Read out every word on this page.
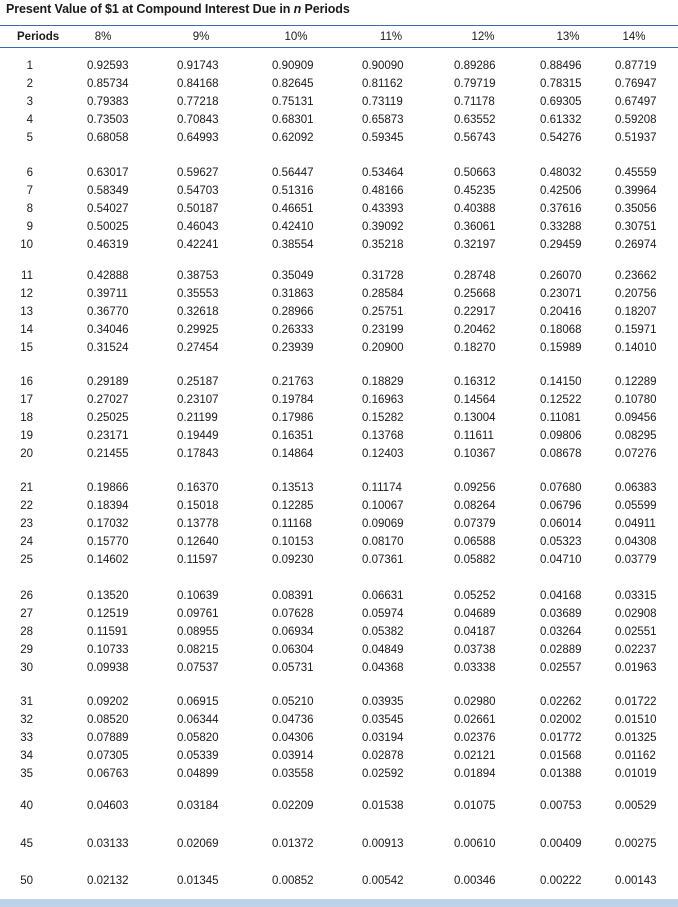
Present Value of $1 at Compound Interest Due in n Periods
Periods	8%	9%	10%	11%	12%	13%	14%
1	0.92593	0.91743	0.90909	0.90090	0.89286	0.88496	0.87719
2	0.85734	0.84168	0.82645	0.81162	0.79719	0.78315	0.76947
3	0.79383	0.77218	0.75131	0.73119	0.71178	0.69305	0.67497
4	0.73503	0.70843	0.68301	0.65873	0.63552	0.61332	0.59208
5	0.68058	0.64993	0.62092	0.59345	0.56743	0.54276	0.51937
6	0.63017	0.59627	0.56447	0.53464	0.50663	0.48032	0.45559
7	0.58349	0.54703	0.51316	0.48166	0.45235	0.42506	0.39964
8	0.54027	0.50187	0.46651	0.43393	0.40388	0.37616	0.35056
9	0.50025	0.46043	0.42410	0.39092	0.36061	0.33288	0.30751
10	0.46319	0.42241	0.38554	0.35218	0.32197	0.29459	0.26974
11	0.42888	0.38753	0.35049	0.31728	0.28748	0.26070	0.23662
12	0.39711	0.35553	0.31863	0.28584	0.25668	0.23071	0.20756
13	0.36770	0.32618	0.28966	0.25751	0.22917	0.20416	0.18207
14	0.34046	0.29925	0.26333	0.23199	0.20462	0.18068	0.15971
15	0.31524	0.27454	0.23939	0.20900	0.18270	0.15989	0.14010
16	0.29189	0.25187	0.21763	0.18829	0.16312	0.14150	0.12289
17	0.27027	0.23107	0.19784	0.16963	0.14564	0.12522	0.10780
18	0.25025	0.21199	0.17986	0.15282	0.13004	0.11081	0.09456
19	0.23171	0.19449	0.16351	0.13768	0.11611	0.09806	0.08295
20	0.21455	0.17843	0.14864	0.12403	0.10367	0.08678	0.07276
21	0.19866	0.16370	0.13513	0.11174	0.09256	0.07680	0.06383
22	0.18394	0.15018	0.12285	0.10067	0.08264	0.06796	0.05599
23	0.17032	0.13778	0.11168	0.09069	0.07379	0.06014	0.04911
24	0.15770	0.12640	0.10153	0.08170	0.06588	0.05323	0.04308
25	0.14602	0.11597	0.09230	0.07361	0.05882	0.04710	0.03779
26	0.13520	0.10639	0.08391	0.06631	0.05252	0.04168	0.03315
27	0.12519	0.09761	0.07628	0.05974	0.04689	0.03689	0.02908
28	0.11591	0.08955	0.06934	0.05382	0.04187	0.03264	0.02551
29	0.10733	0.08215	0.06304	0.04849	0.03738	0.02889	0.02237
30	0.09938	0.07537	0.05731	0.04368	0.03338	0.02557	0.01963
31	0.09202	0.06915	0.05210	0.03935	0.02980	0.02262	0.01722
32	0.08520	0.06344	0.04736	0.03545	0.02661	0.02002	0.01510
33	0.07889	0.05820	0.04306	0.03194	0.02376	0.01772	0.01325
34	0.07305	0.05339	0.03914	0.02878	0.02121	0.01568	0.01162
35	0.06763	0.04899	0.03558	0.02592	0.01894	0.01388	0.01019
40	0.04603	0.03184	0.02209	0.01538	0.01075	0.00753	0.00529
45	0.03133	0.02069	0.01372	0.00913	0.00610	0.00409	0.00275
50	0.02132	0.01345	0.00852	0.00542	0.00346	0.00222	0.00143
